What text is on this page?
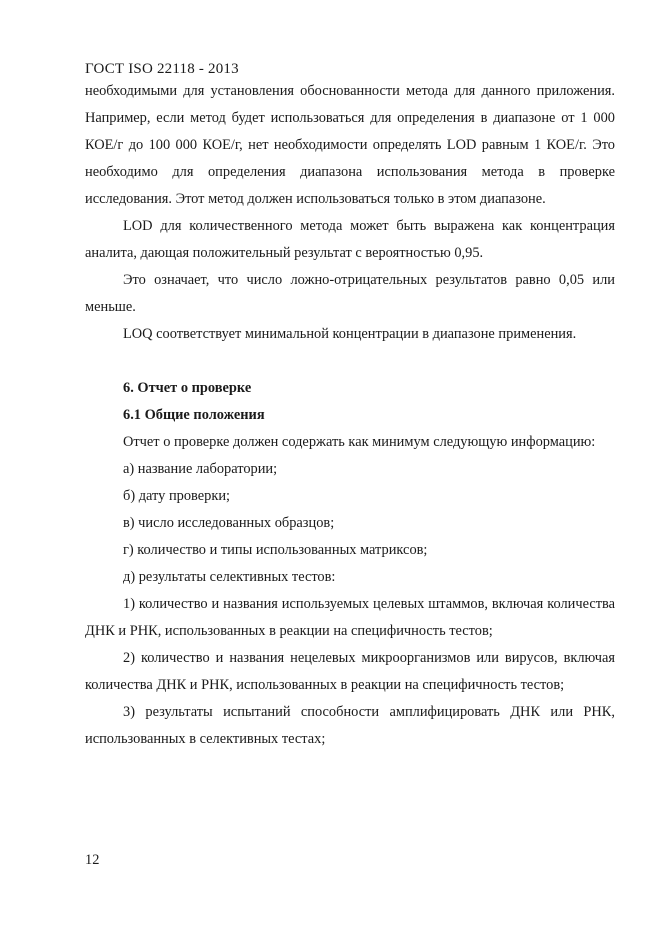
ГОСТ ISO 22118 - 2013

необходимыми для установления обоснованности метода для данного приложения. Например, если метод будет использоваться для определения в диапазоне от 1 000 КОЕ/г до 100 000 КОЕ/г, нет необходимости определять LOD равным 1 КОЕ/г. Это необходимо для определения диапазона использования метода в проверке исследования. Этот метод должен использоваться только в этом диапазоне.

LOD для количественного метода может быть выражена как концентрация аналита, дающая положительный результат с вероятностью 0,95.

Это означает, что число ложно-отрицательных результатов равно 0,05 или меньше.

LOQ соответствует минимальной концентрации в диапазоне применения.

6. Отчет о проверке

6.1 Общие положения

Отчет о проверке должен содержать как минимум следующую информацию:

а) название лаборатории;

б) дату проверки;

в) число исследованных образцов;

г) количество и типы использованных матриксов;

д) результаты селективных тестов:

1) количество и названия используемых целевых штаммов, включая количества ДНК и РНК, использованных в реакции на специфичность тестов;

2) количество и названия нецелевых микроорганизмов или вирусов, включая количества ДНК и РНК, использованных в реакции на специфичность тестов;

3) результаты испытаний способности амплифицировать ДНК или РНК, использованных в селективных тестах;

12
